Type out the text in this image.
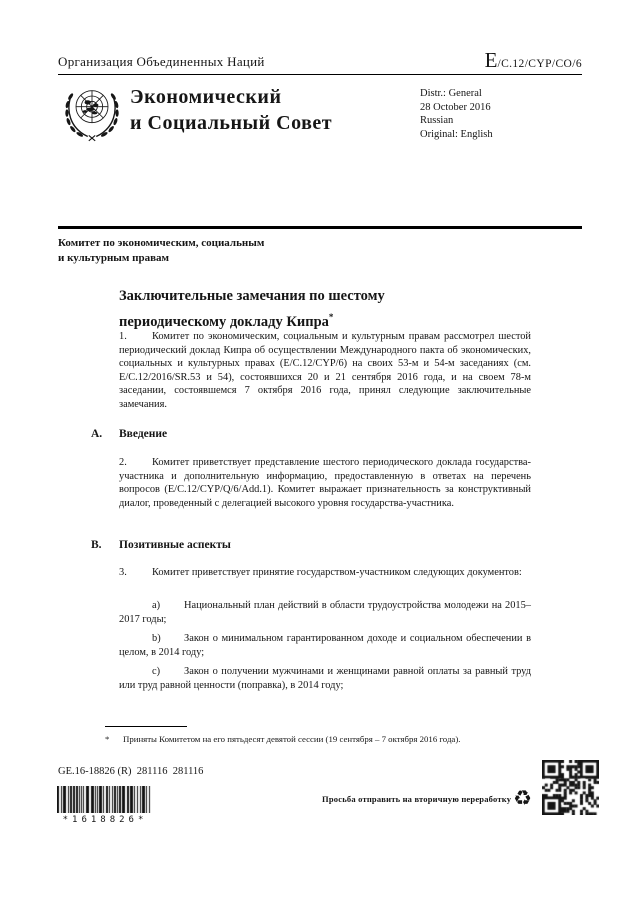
Организация Объединенных Наций	E /C.12/CYP/CO/6
Экономический
и Социальный Совет
Distr.: General
28 October 2016
Russian
Original: English
Комитет по экономическим, социальным
и культурным правам
Заключительные замечания по шестому
периодическому докладу Кипра*

1. Комитет по экономическим, социальным и культурным правам рассмотрел шестой периодический доклад Кипра об осуществлении Международного пакта об экономических, социальных и культурных правах (E/C.12/CYP/6) на своих 53-м и 54-м заседаниях (см. E/C.12/2016/SR.53 и 54), состоявшихся 20 и 21 сентября 2016 года, и на своем 78-м заседании, состоявшемся 7 октября 2016 года, принял следующие заключительные замечания.

A. Введение

2. Комитет приветствует представление шестого периодического доклада государства-участника и дополнительную информацию, предоставленную в ответах на перечень вопросов (E/C.12/CYP/Q/6/Add.1). Комитет выражает признательность за конструктивный диалог, проведенный с делегацией высокого уровня государства-участника.

B. Позитивные аспекты

3. Комитет приветствует принятие государством-участником следующих документов:

a) Национальный план действий в области трудоустройства молодежи на 2015–2017 годы;

b) Закон о минимальном гарантированном доходе и социальном обеспечении в целом, в 2014 году;

c) Закон о получении мужчинами и женщинами равной оплаты за равный труд или труд равной ценности (поправка), в 2014 году;

* Приняты Комитетом на его пятьдесят девятой сессии (19 сентября – 7 октября 2016 года).

GE.16-18826 (R)  281116  281116
*1618826*
Просьба отправить на вторичную переработку ♻
